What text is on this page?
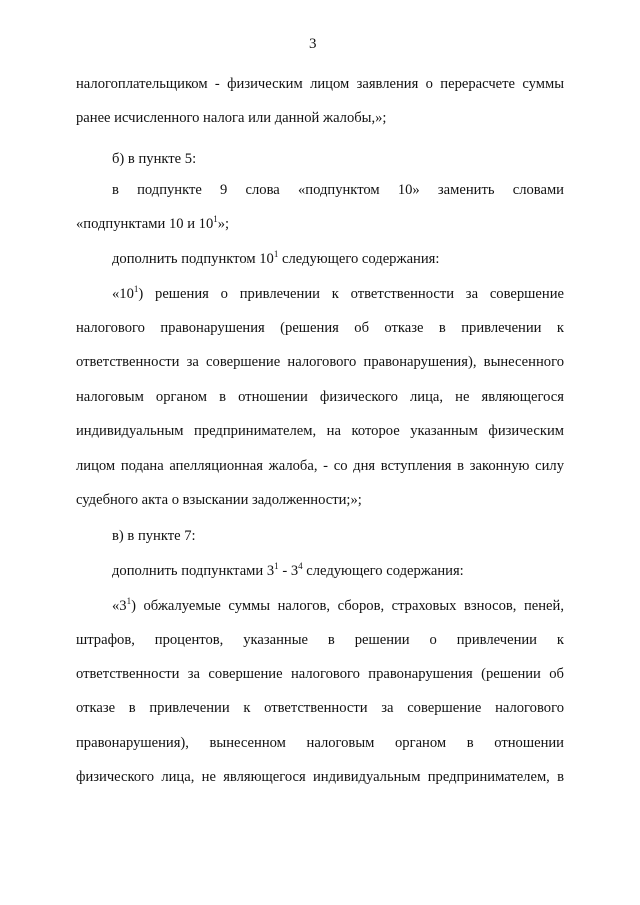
3
налогоплательщиком - физическим лицом заявления о перерасчете суммы
ранее исчисленного налога или данной жалобы,»;
б) в пункте 5:
в подпункте 9 слова «подпунктом 10» заменить словами
«подпунктами 10 и $10^1$»;
дополнить подпунктом $10^1$ следующего содержания:
«$10^1$) решения о привлечении к ответственности за совершение
налогового правонарушения (решения об отказе в привлечении к
ответственности за совершение налогового правонарушения), вынесенного
налоговым органом в отношении физического лица, не являющегося
индивидуальным предпринимателем, на которое указанным физическим
лицом подана апелляционная жалоба, - со дня вступления в законную силу
судебного акта о взыскании задолженности;»;
в) в пункте 7:
дополнить подпунктами $3^1 - 3^4$ следующего содержания:
«$3^1$) обжалуемые суммы налогов, сборов, страховых взносов, пеней,
штрафов, процентов, указанные в решении о привлечении к
ответственности за совершение налогового правонарушения (решении об
отказе в привлечении к ответственности за совершение налогового
правонарушения), вынесенном налоговым органом в отношении
физического лица, не являющегося индивидуальным предпринимателем, в
